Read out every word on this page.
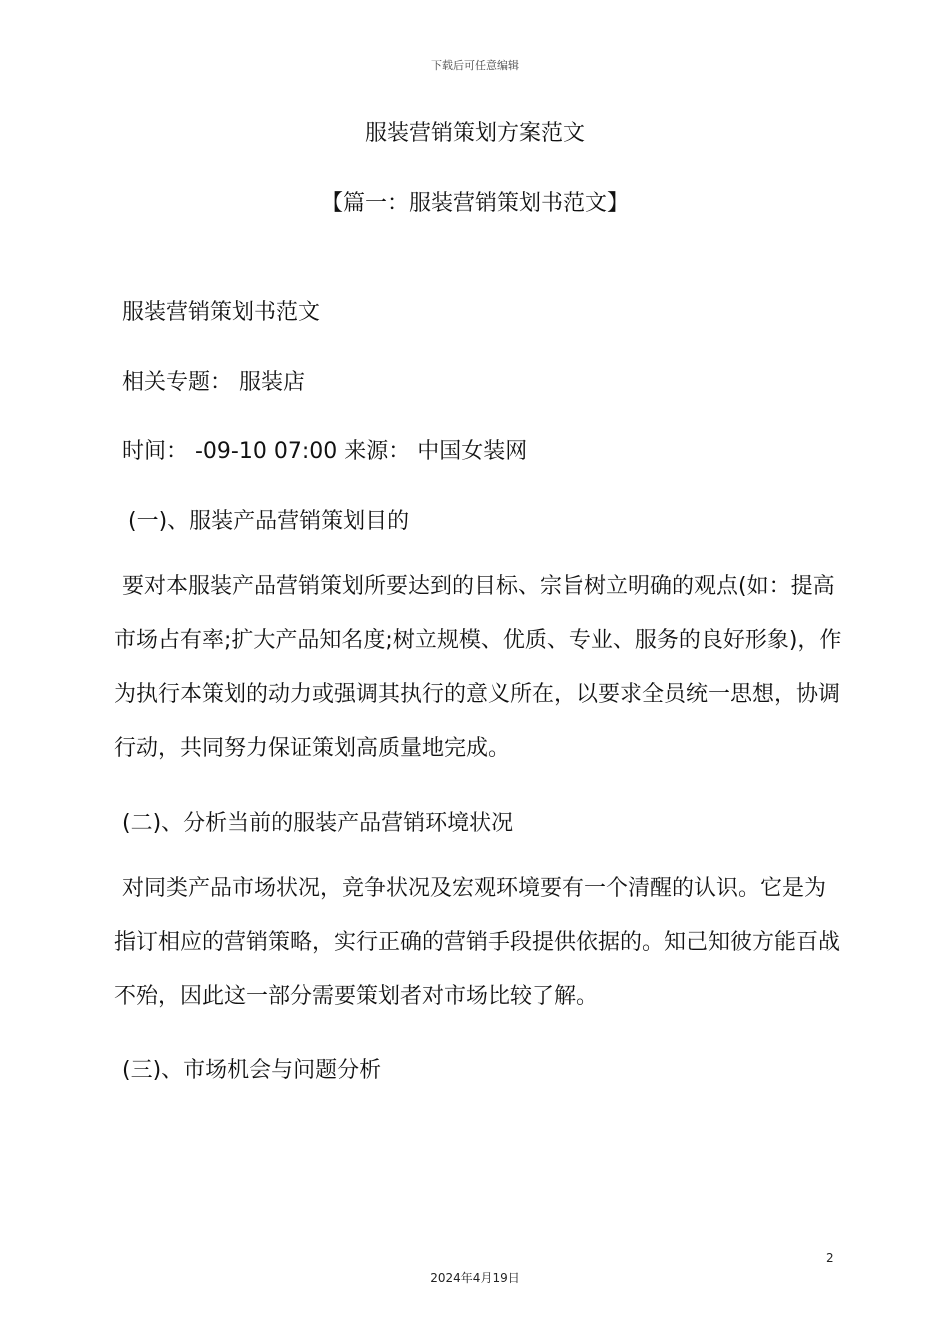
下载后可任意编辑
服装营销策划方案范文
【篇一：服装营销策划书范文】
服装营销策划书范文
相关专题： 服装店
时间： -09-10 07:00 来源： 中国女装网
(一)、服装产品营销策划目的
要对本服装产品营销策划所要达到的目标、宗旨树立明确的观点(如：提高市场占有率;扩大产品知名度;树立规模、优质、专业、服务的良好形象)，作为执行本策划的动力或强调其执行的意义所在，以要求全员统一思想，协调行动，共同努力保证策划高质量地完成。
(二)、分析当前的服装产品营销环境状况
对同类产品市场状况，竞争状况及宏观环境要有一个清醒的认识。它是为指订相应的营销策略，实行正确的营销手段提供依据的。知己知彼方能百战不殆，因此这一部分需要策划者对市场比较了解。
(三)、市场机会与问题分析
2
2024年4月19日
